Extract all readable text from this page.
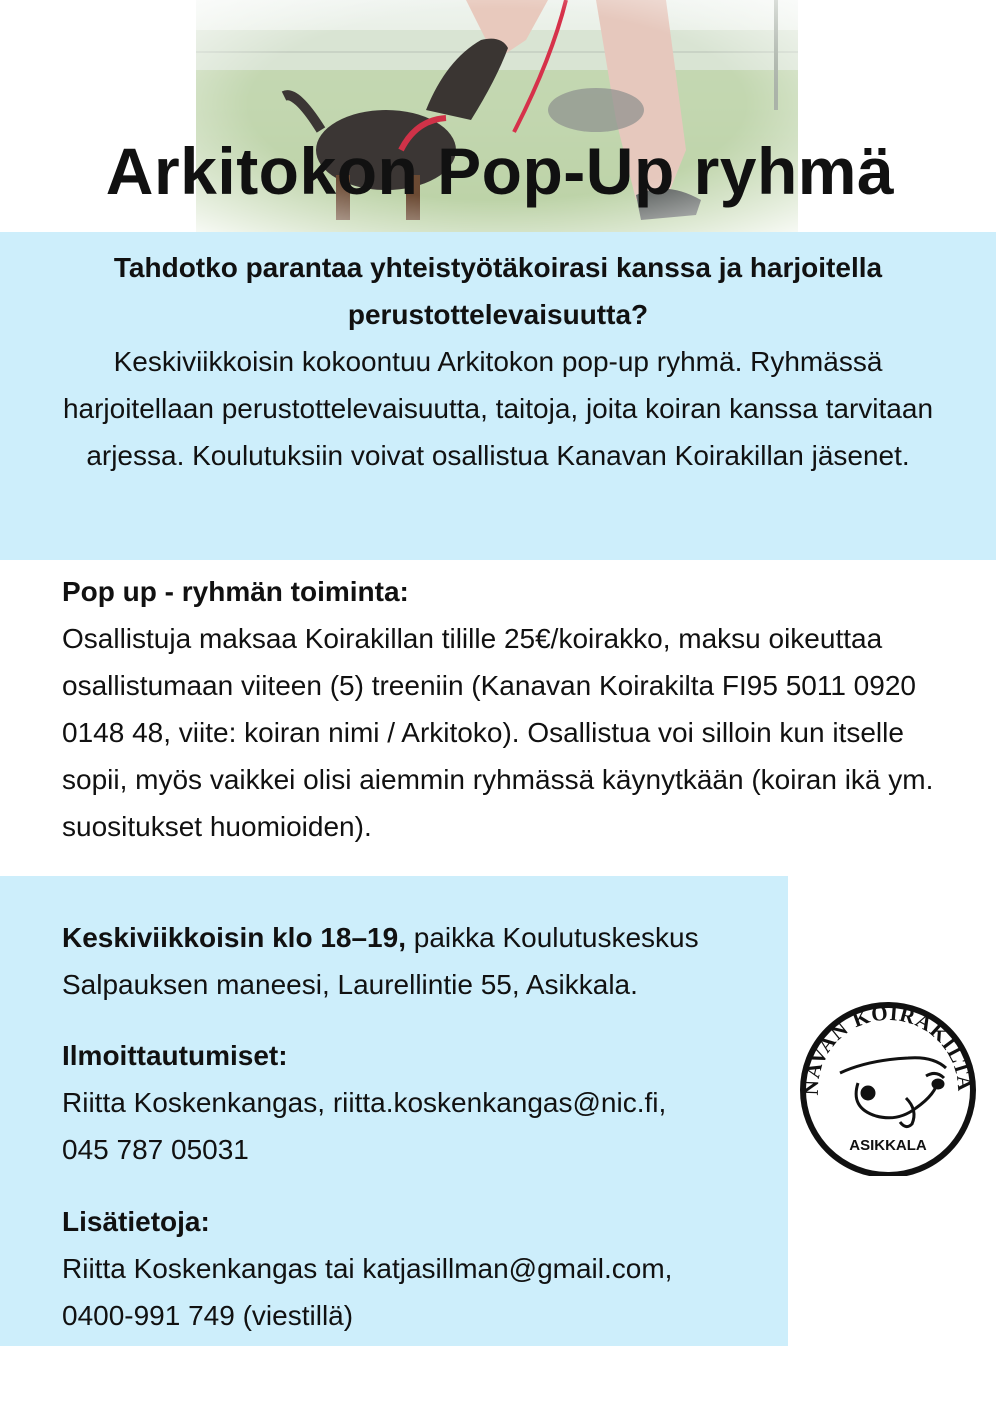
Arkitokon Pop-Up ryhmä

Tahdotko parantaa yhteistyötäkoirasi kanssa ja harjoitella perustottelevaisuutta?

Keskiviikkoisin kokoontuu Arkitokon pop-up ryhmä. Ryhmässä harjoitellaan perustottelevaisuutta, taitoja, joita koiran kanssa tarvitaan arjessa. Koulutuksiin voivat osallistua Kanavan Koirakillan jäsenet.

Pop up - ryhmän toiminta:
Osallistuja maksaa Koirakillan tilille 25€/koirakko, maksu oikeuttaa osallistumaan viiteen (5) treeniin (Kanavan Koirakilta FI95 5011 0920 0148 48, viite: koiran nimi / Arkitoko). Osallistua voi silloin kun itselle sopii, myös vaikkei olisi aiemmin ryhmässä käynytkään (koiran ikä ym. suositukset huomioiden).
Keskiviikkoisin klo 18–19, paikka Koulutuskeskus Salpauksen maneesi, Laurellintie 55, Asikkala.
Ilmoittautumiset:
Riitta Koskenkangas, riitta.koskenkangas@nic.fi,
045 787 05031
Lisätietoja:
Riitta Koskenkangas tai katjasillman@gmail.com,
0400-991 749 (viestillä)
NAVAN KOIRAKILTA
ASIKKALA
